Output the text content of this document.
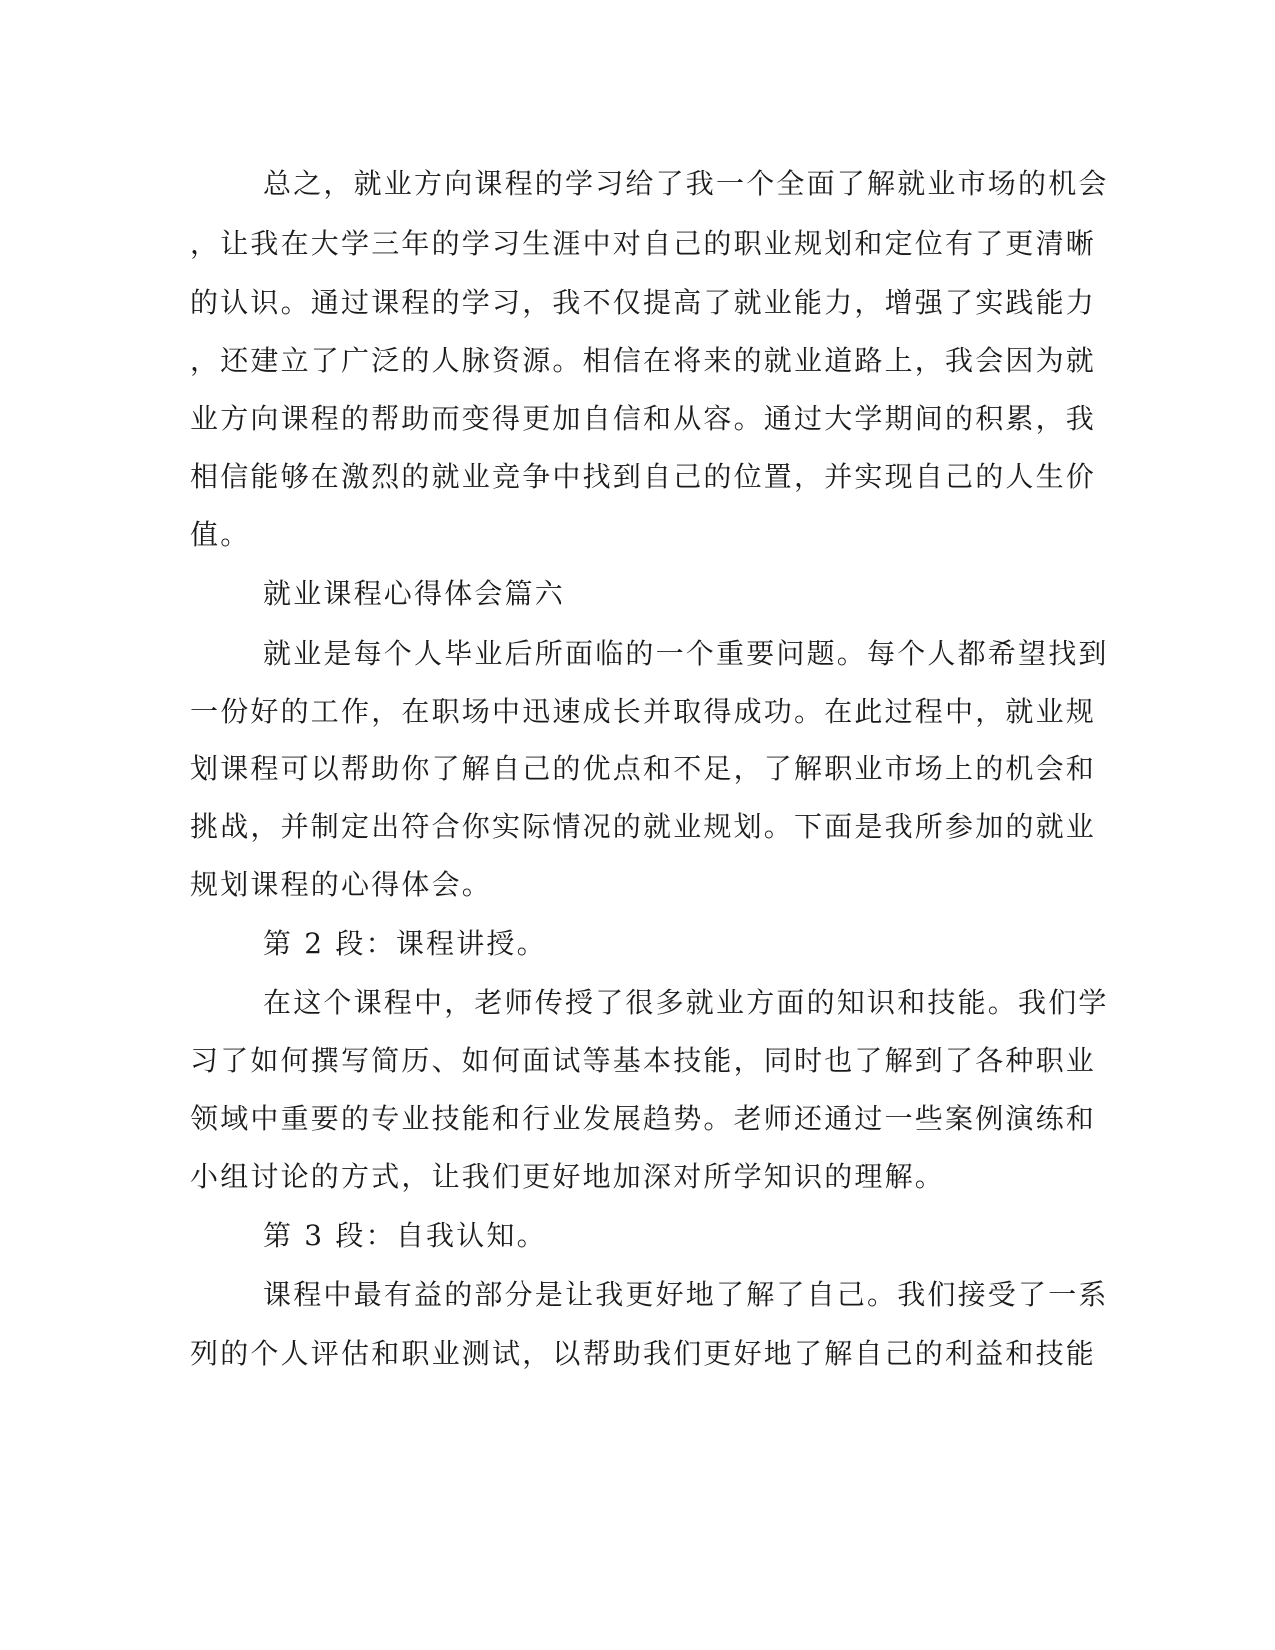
总之，就业方向课程的学习给了我一个全面了解就业市场的机会

，让我在大学三年的学习生涯中对自己的职业规划和定位有了更清晰

的认识。通过课程的学习，我不仅提高了就业能力，增强了实践能力

，还建立了广泛的人脉资源。相信在将来的就业道路上，我会因为就

业方向课程的帮助而变得更加自信和从容。通过大学期间的积累，我

相信能够在激烈的就业竞争中找到自己的位置，并实现自己的人生价

值。

就业课程心得体会篇六

就业是每个人毕业后所面临的一个重要问题。每个人都希望找到

一份好的工作，在职场中迅速成长并取得成功。在此过程中，就业规

划课程可以帮助你了解自己的优点和不足，了解职业市场上的机会和

挑战，并制定出符合你实际情况的就业规划。下面是我所参加的就业

规划课程的心得体会。

第 2 段：课程讲授。

在这个课程中，老师传授了很多就业方面的知识和技能。我们学

习了如何撰写简历、如何面试等基本技能，同时也了解到了各种职业

领域中重要的专业技能和行业发展趋势。老师还通过一些案例演练和

小组讨论的方式，让我们更好地加深对所学知识的理解。

第 3 段：自我认知。

课程中最有益的部分是让我更好地了解了自己。我们接受了一系

列的个人评估和职业测试，以帮助我们更好地了解自己的利益和技能
